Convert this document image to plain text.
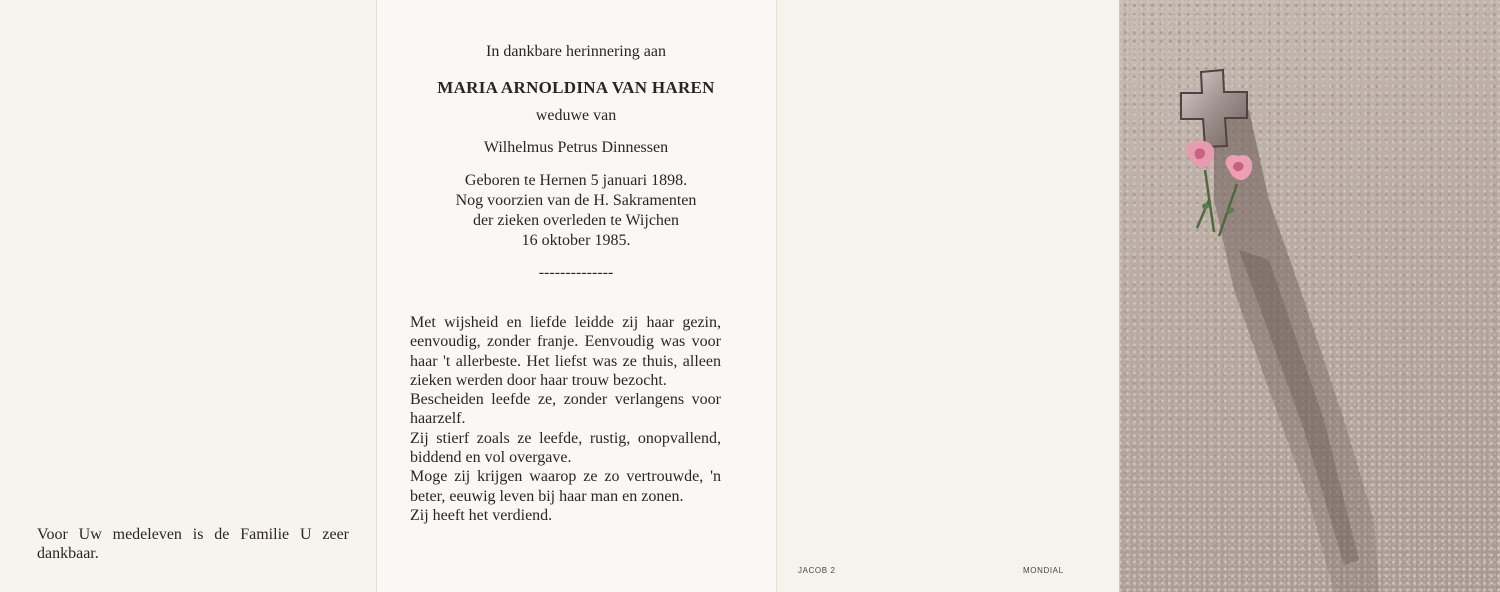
Voor Uw medeleven is de Familie U zeer dankbaar.

In dankbare herinnering aan

MARIA ARNOLDINA VAN HAREN

weduwe van

Wilhelmus Petrus Dinnessen

Geboren te Hernen 5 januari 1898.
Nog voorzien van de H. Sakramenten
der zieken overleden te Wijchen
16 oktober 1985.

--------------

Met wijsheid en liefde leidde zij haar gezin, eenvoudig, zonder franje. Eenvoudig was voor haar 't allerbeste. Het liefst was ze thuis, alleen zieken werden door haar trouw bezocht.

Bescheiden leefde ze, zonder verlangens voor haarzelf.

Zij stierf zoals ze leefde, rustig, onopvallend, biddend en vol overgave.

Moge zij krijgen waarop ze zo vertrouwde, 'n beter, eeuwig leven bij haar man en zonen.

Zij heeft het verdiend.

JACOB 2	MONDIAL
